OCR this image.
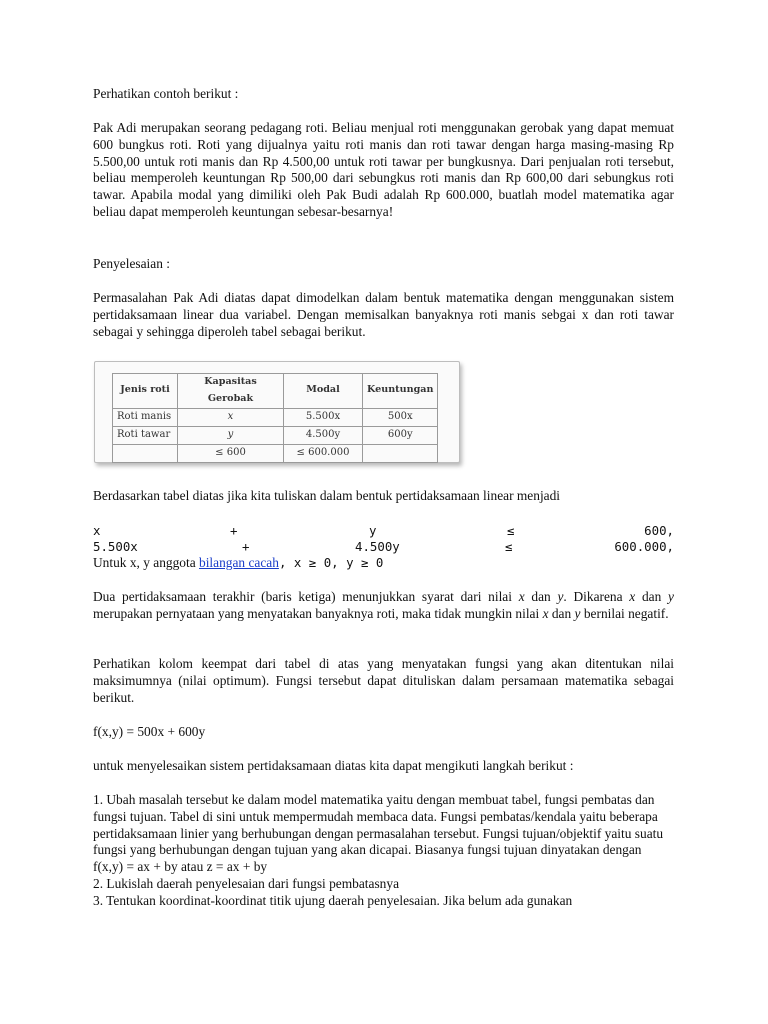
Perhatikan contoh berikut :

Pak Adi merupakan seorang pedagang roti. Beliau menjual roti menggunakan gerobak yang dapat memuat 600 bungkus roti. Roti yang dijualnya yaitu roti manis dan roti tawar dengan harga masing-masing Rp 5.500,00 untuk roti manis dan Rp 4.500,00 untuk roti tawar per bungkusnya. Dari penjualan roti tersebut, beliau memperoleh keuntungan Rp 500,00 dari sebungkus roti manis dan Rp 600,00 dari sebungkus roti tawar. Apabila modal yang dimiliki oleh Pak Budi adalah Rp 600.000, buatlah model matematika agar beliau dapat memperoleh keuntungan sebesar-besarnya!

Penyelesaian :

Permasalahan Pak Adi diatas dapat dimodelkan dalam bentuk matematika dengan menggunakan sistem pertidaksamaan linear dua variabel. Dengan memisalkan banyaknya roti manis sebgai x dan roti tawar sebagai y sehingga diperoleh tabel sebagai berikut.

Jenis roti	Kapasitas Gerobak	Modal	Keuntungan
Roti manis	x	5.500x	500x
Roti tawar	y	4.500y	600y
	≤ 600	≤ 600.000	

Berdasarkan tabel diatas jika kita tuliskan dalam bentuk pertidaksamaan linear menjadi

x	+	y	≤	600,
5.500x	+	4.500y	≤	600.000,

Untuk x, y anggota bilangan cacah, x ≥ 0, y ≥ 0

Dua pertidaksamaan terakhir (baris ketiga) menunjukkan syarat dari nilai x dan y. Dikarena x dan y merupakan pernyataan yang menyatakan banyaknya roti, maka tidak mungkin nilai x dan y bernilai negatif.

Perhatikan kolom keempat dari tabel di atas yang menyatakan fungsi yang akan ditentukan nilai maksimumnya (nilai optimum). Fungsi tersebut dapat dituliskan dalam persamaan matematika sebagai berikut.

f(x,y) = 500x + 600y

untuk menyelesaikan sistem pertidaksamaan diatas kita dapat mengikuti langkah berikut :

1. Ubah masalah tersebut ke dalam model matematika yaitu dengan membuat tabel, fungsi pembatas dan fungsi tujuan. Tabel di sini untuk mempermudah membaca data. Fungsi pembatas/kendala yaitu beberapa pertidaksamaan linier yang berhubungan dengan permasalahan tersebut. Fungsi tujuan/objektif yaitu suatu fungsi yang berhubungan dengan tujuan yang akan dicapai. Biasanya fungsi tujuan dinyatakan dengan f(x,y) = ax + by atau z = ax + by

2. Lukislah daerah penyelesaian dari fungsi pembatasnya

3. Tentukan koordinat-koordinat titik ujung daerah penyelesaian. Jika belum ada gunakan
